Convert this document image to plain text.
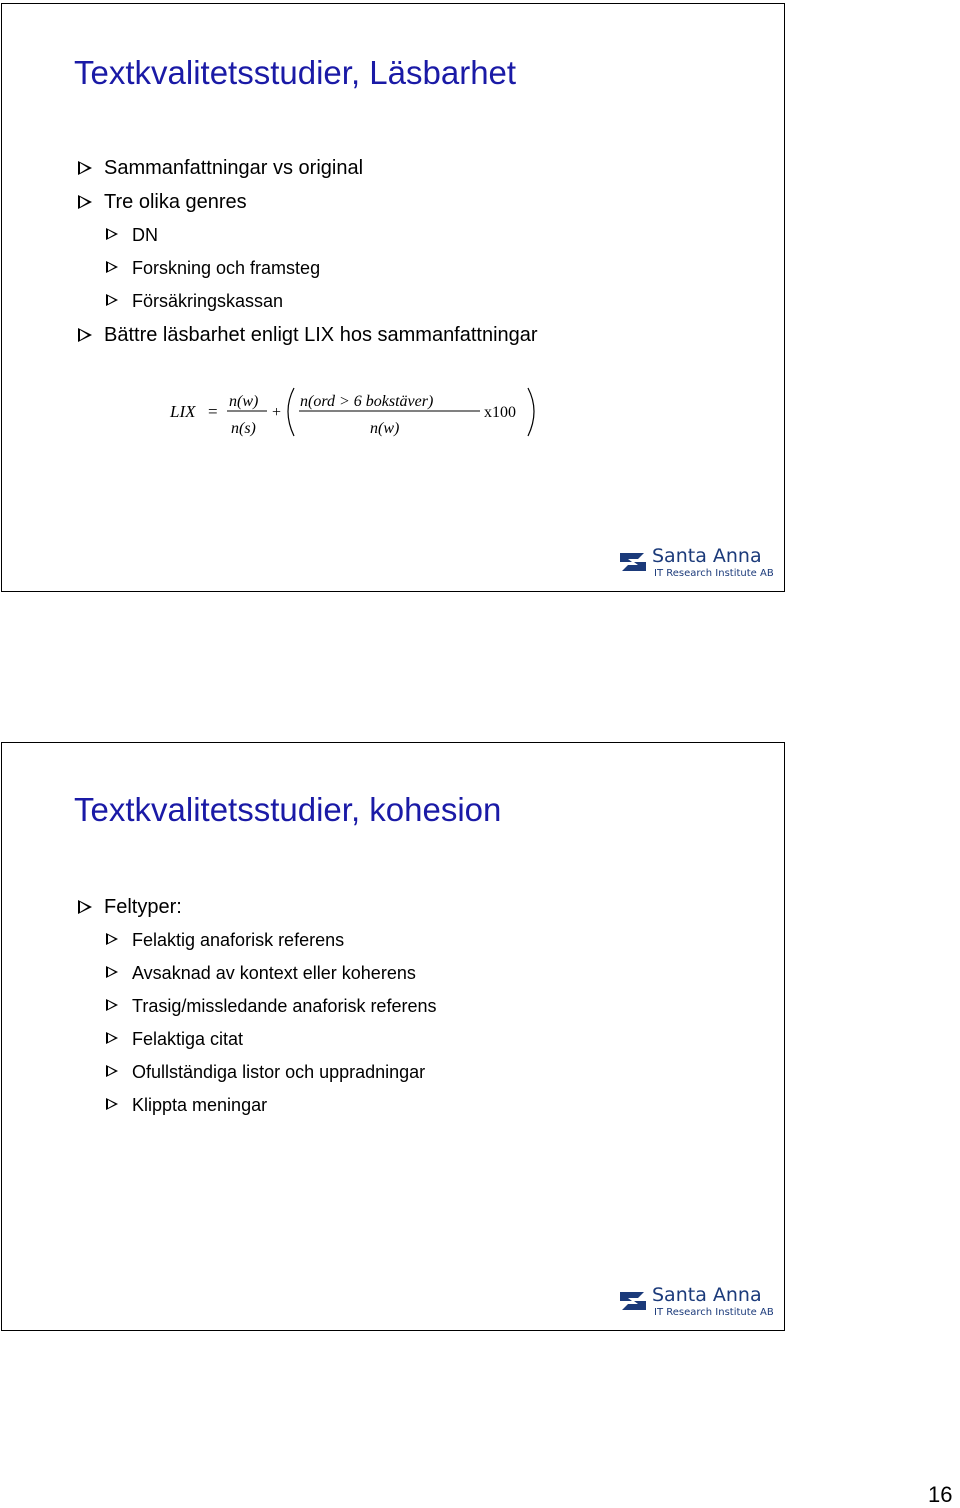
Textkvalitetsstudier, Läsbarhet
Sammanfattningar vs original
Tre olika genres
DN
Forskning och framsteg
Försäkringskassan
Bättre läsbarhet enligt LIX hos sammanfattningar
LIX =
n(w)
n(s)
+
n(ord > 6 bokstäver)
n(w)
x100
Santa Anna
IT Research Institute AB
Textkvalitetsstudier, kohesion
Feltyper:
Felaktig anaforisk referens
Avsaknad av kontext eller koherens
Trasig/missledande anaforisk referens
Felaktiga citat
Ofullständiga listor och uppradningar
Klippta meningar
Santa Anna
IT Research Institute AB
16
